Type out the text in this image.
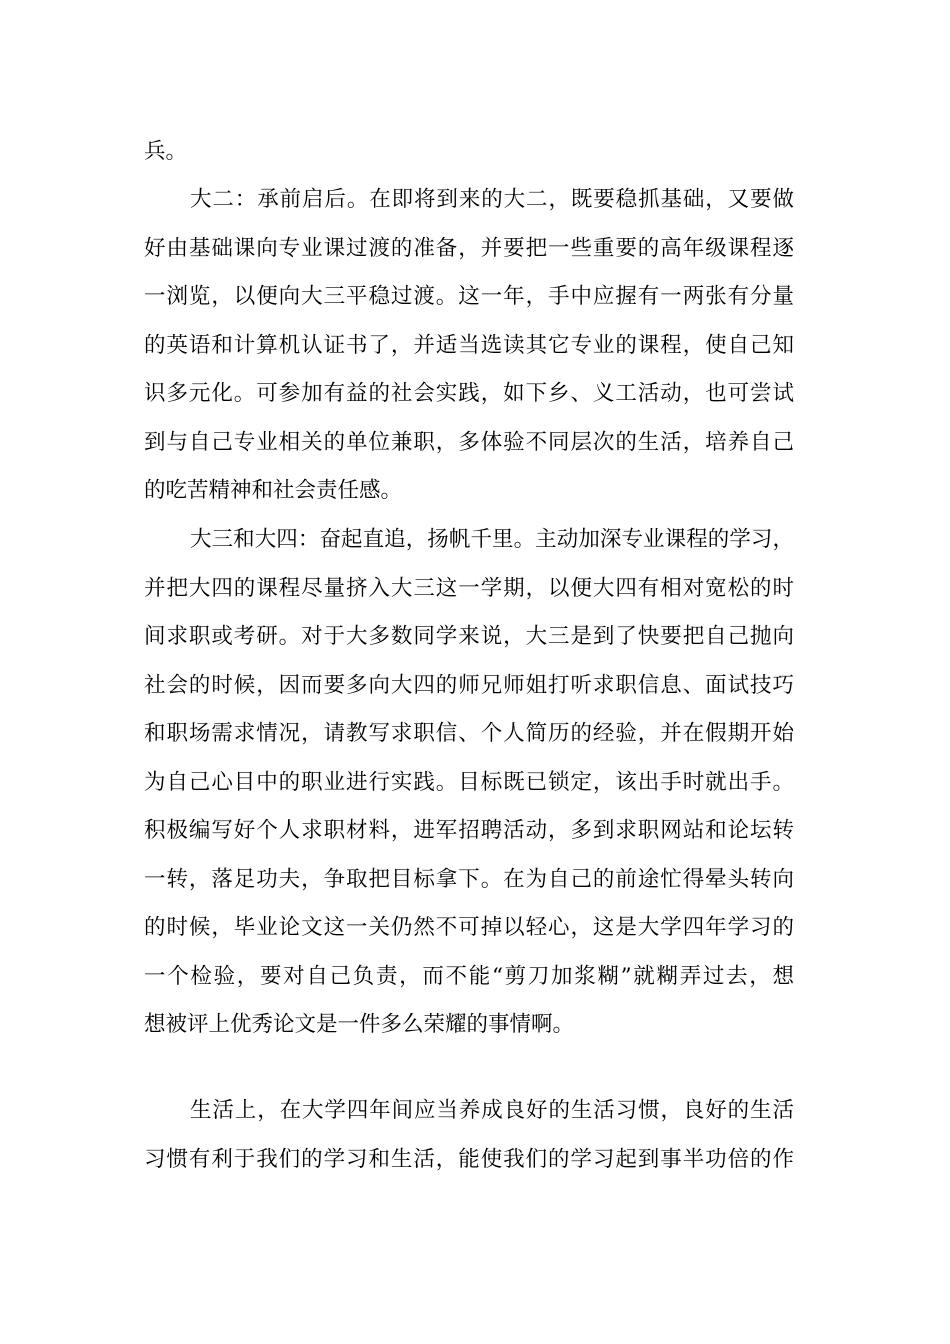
兵。
大二：承前启后。在即将到来的大二，既要稳抓基础，又要做
好由基础课向专业课过渡的准备，并要把一些重要的高年级课程逐
一浏览，以便向大三平稳过渡。这一年，手中应握有一两张有分量
的英语和计算机认证书了，并适当选读其它专业的课程，使自己知
识多元化。可参加有益的社会实践，如下乡、义工活动，也可尝试
到与自己专业相关的单位兼职，多体验不同层次的生活，培养自己
的吃苦精神和社会责任感。
大三和大四：奋起直追，扬帆千里。主动加深专业课程的学习，
并把大四的课程尽量挤入大三这一学期，以便大四有相对宽松的时
间求职或考研。对于大多数同学来说，大三是到了快要把自己抛向
社会的时候，因而要多向大四的师兄师姐打听求职信息、面试技巧
和职场需求情况，请教写求职信、个人简历的经验，并在假期开始
为自己心目中的职业进行实践。目标既已锁定，该出手时就出手。
积极编写好个人求职材料，进军招聘活动，多到求职网站和论坛转
一转，落足功夫，争取把目标拿下。在为自己的前途忙得晕头转向
的时候，毕业论文这一关仍然不可掉以轻心，这是大学四年学习的
一个检验，要对自己负责，而不能“剪刀加浆糊”就糊弄过去，想
想被评上优秀论文是一件多么荣耀的事情啊。
生活上，在大学四年间应当养成良好的生活习惯，良好的生活
习惯有利于我们的学习和生活，能使我们的学习起到事半功倍的作
